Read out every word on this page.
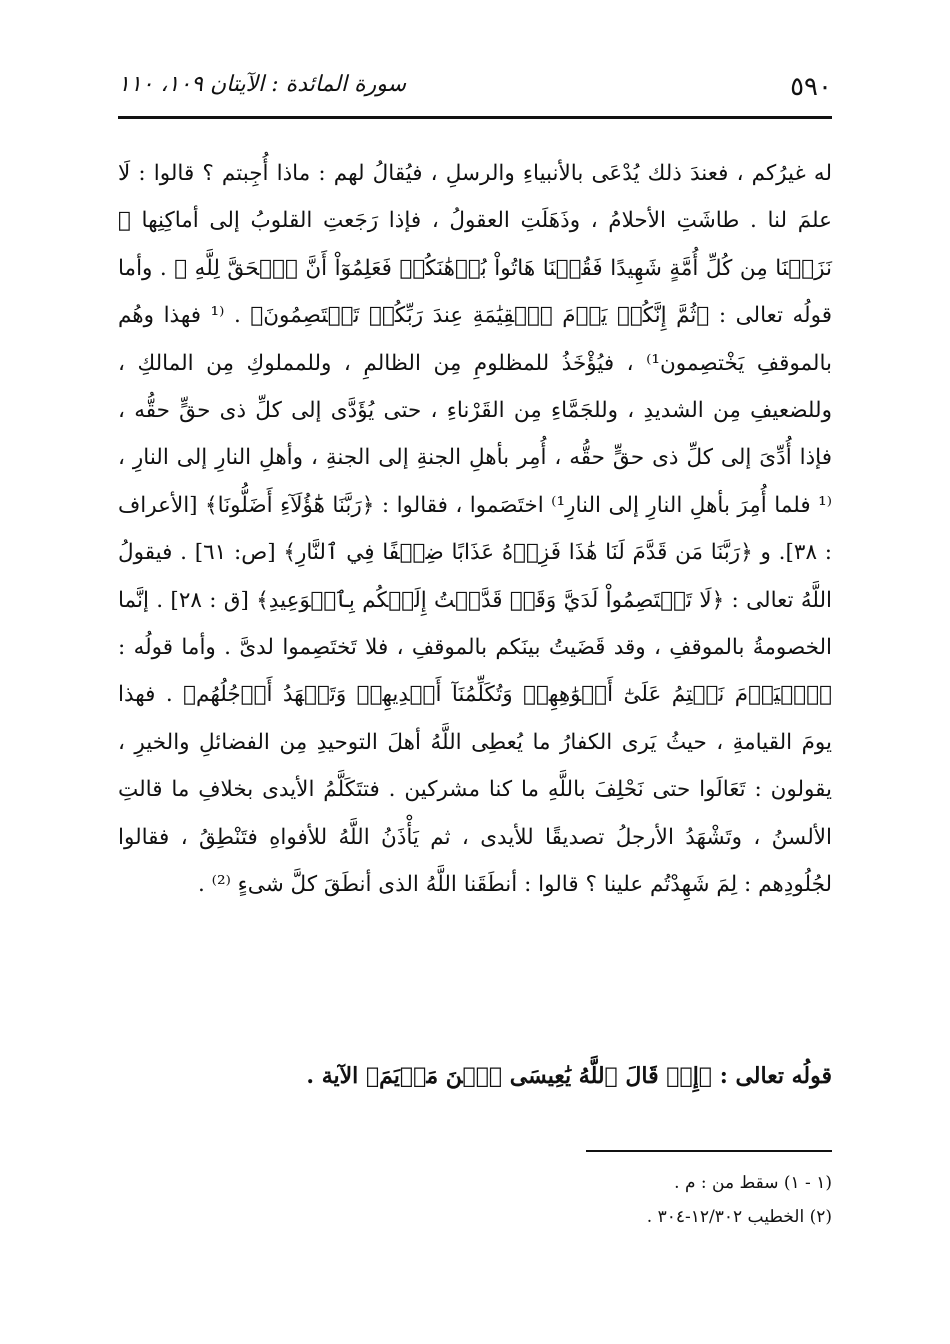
٥٩٠
سورة المائدة : الآيتان ١٠٩، ١١٠

له غيرُكم ، فعندَ ذلك يُدْعَى بالأنبياءِ والرسلِ ، فيُقالُ لهم : ماذا أُجِبتم ؟ قالوا : لَا علمَ لنا . طاشَتِ الأحلامُ ، وذَهَلَتِ العقولُ ، فإذا رَجَعتِ القلوبُ إلى أماكِنِها ﴿ نَزَعۡنَا مِن كُلِّ أُمَّةٍ شَهِيدًا فَقُلۡنَا هَاتُواْ بُرۡهَٰنَكُمۡ فَعَلِمُوٓاْ أَنَّ ٱلۡحَقَّ لِلَّهِ ﴾ . وأما قولُه تعالى : ﴿ثُمَّ إِنَّكُمۡ يَوۡمَ ٱلۡقِيَٰمَةِ عِندَ رَبِّكُمۡ تَخۡتَصِمُونَ﴾ . ⁽¹ فهذا وهُم بالموقفِ يَخْتصِمون¹⁾ ، فيُؤْخَذُ للمظلومِ مِن الظالمِ ، وللمملوكِ مِن المالكِ ، وللضعيفِ مِن الشديدِ ، وللجَمَّاءِ مِن القَرْناءِ ، حتى يُؤَدَّى إلى كلِّ ذى حقٍّ حقُّه ، فإذا أُدِّىَ إلى كلِّ ذى حقٍّ حقُّه ، أُمِر بأهلِ الجنةِ إلى الجنةِ ، وأهلِ النارِ إلى النارِ ، ⁽¹ فلما أُمِرَ بأهلِ النارِ إلى النارِ¹⁾ اختَصَموا ، فقالوا : ﴿رَبَّنَا هَٰٓؤُلَآءِ أَضَلُّونَا﴾ [الأعراف : ٣٨]. و ﴿رَبَّنَا مَن قَدَّمَ لَنَا هَٰذَا فَزِدۡهُ عَذَابًا ضِعۡفًا فِي ٱلنَّارِ﴾ [ص: ٦١] . فيقولُ اللَّهُ تعالى : ﴿لَا تَخۡتَصِمُواْ لَدَيَّ وَقَدۡ قَدَّمۡتُ إِلَيۡكُم بِٱلۡوَعِيدِ﴾ [ق : ٢٨] . إنَّما الخصومةُ بالموقفِ ، وقد قَضَيتُ بينَكم بالموقفِ ، فلا تَختَصِموا لدىَّ . وأما قولُه : ﴿ٱلۡيَوۡمَ نَخۡتِمُ عَلَىٰٓ أَفۡوَٰهِهِمۡ وَتُكَلِّمُنَآ أَيۡدِيهِمۡ وَتَشۡهَدُ أَرۡجُلُهُم﴾ . فهذا يومَ القيامةِ ، حيثُ يَرى الكفارُ ما يُعطِى اللَّهُ أهلَ التوحيدِ مِن الفضائلِ والخيرِ ، يقولون : تَعَالَوا حتى نَحْلِفَ باللَّهِ ما كنا مشركين . فتتَكَلَّمُ الأيدى بخلافِ ما قالتِ الألسنُ ، وتَشْهَدُ الأرجلُ تصديقًا للأيدى ، ثم يَأْذَنُ اللَّهُ للأفواهِ فتَنْطِقُ ، فقالوا لجُلُودِهم : لِمَ شَهِدْتُم علينا ؟ قالوا : أنطَقَنا اللَّهُ الذى أنطَقَ كلَّ شىءٍ ⁽²⁾ .

قولُه تعالى : ﴿إِذۡ قَالَ ٱللَّهُ يَٰعِيسَى ٱبۡنَ مَرۡيَمَ﴾ الآية .

(١ - ١) سقط من : م .

(٢) الخطيب ١٢/٣٠٢-٣٠٤ .
